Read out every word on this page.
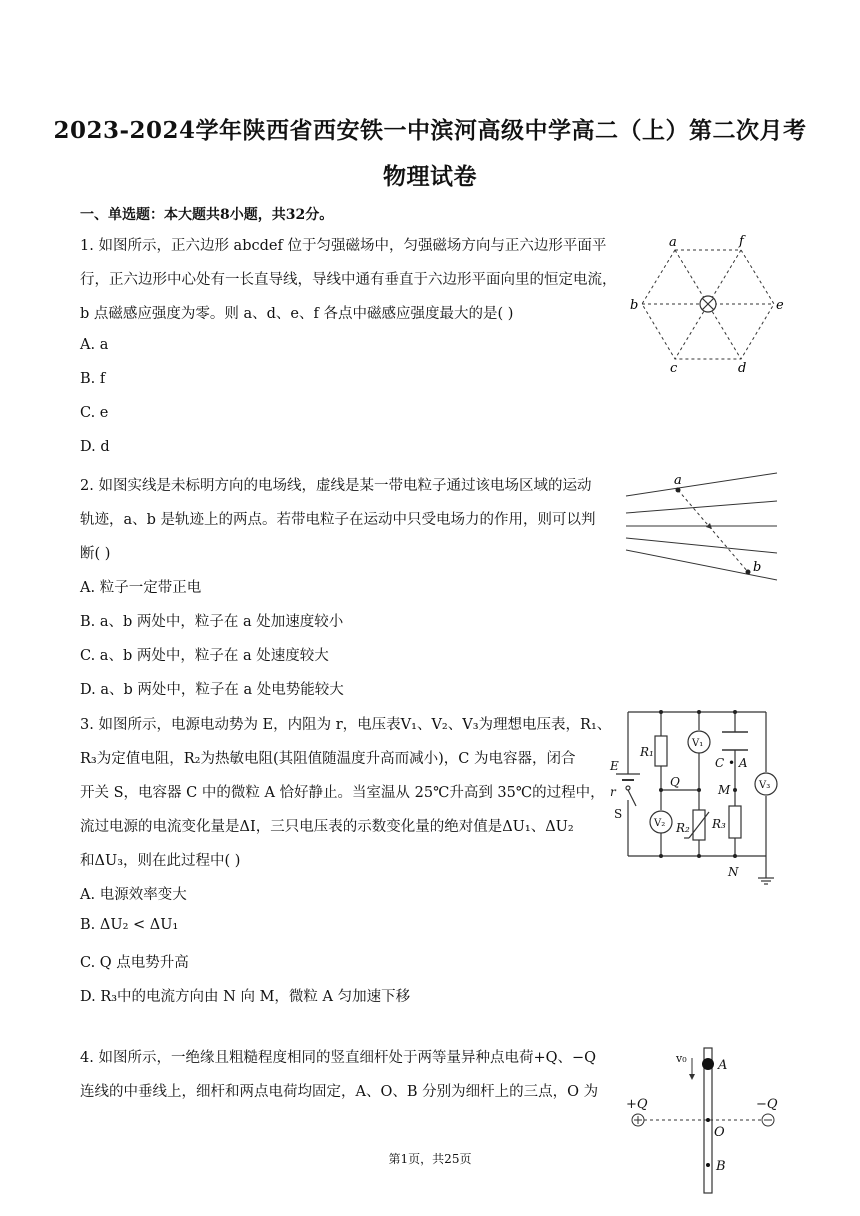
2023-2024学年陕西省西安铁一中滨河高级中学高二（上）第二次月考
物理试卷
一、单选题：本大题共8小题，共32分。
1. 如图所示，正六边形 abcdef 位于匀强磁场中，匀强磁场方向与正六边形平面平
行，正六边形中心处有一长直导线，导线中通有垂直于六边形平面向里的恒定电流，
b 点磁感应强度为零。则 a、d、e、f 各点中磁感应强度最大的是( )
A. a
B. f
C. e
D. d
a	f
b	e
c	d
2. 如图实线是未标明方向的电场线，虚线是某一带电粒子通过该电场区域的运动
轨迹，a、b 是轨迹上的两点。若带电粒子在运动中只受电场力的作用，则可以判
断( )
A. 粒子一定带正电
B. a、b 两处中，粒子在 a 处加速度较小
C. a、b 两处中，粒子在 a 处速度较大
D. a、b 两处中，粒子在 a 处电势能较大
a
b
3. 如图所示，电源电动势为 E，内阻为 r，电压表V₁、V₂、V₃为理想电压表，R₁、
R₃为定值电阻，R₂为热敏电阻(其阻值随温度升高而减小)，C 为电容器，闭合
开关 S，电容器 C 中的微粒 A 恰好静止。当室温从 25℃升高到 35℃的过程中，
流过电源的电流变化量是ΔI，三只电压表的示数变化量的绝对值是ΔU₁、ΔU₂
和ΔU₃，则在此过程中( )
A. 电源效率变大
B. ΔU₂ < ΔU₁
C. Q 点电势升高
D. R₃中的电流方向由 N 向 M，微粒 A 匀加速下移
R₁
V₁
C • A
E
r
Q
M	V₃
S
V₂ R₂ R₃
N
4. 如图所示，一绝缘且粗糙程度相同的竖直细杆处于两等量异种点电荷+Q、−Q
连线的中垂线上，细杆和两点电荷均固定，A、O、B 分别为细杆上的三点，O 为
v₀ A
+Q	−Q
O
B
第1页，共25页
